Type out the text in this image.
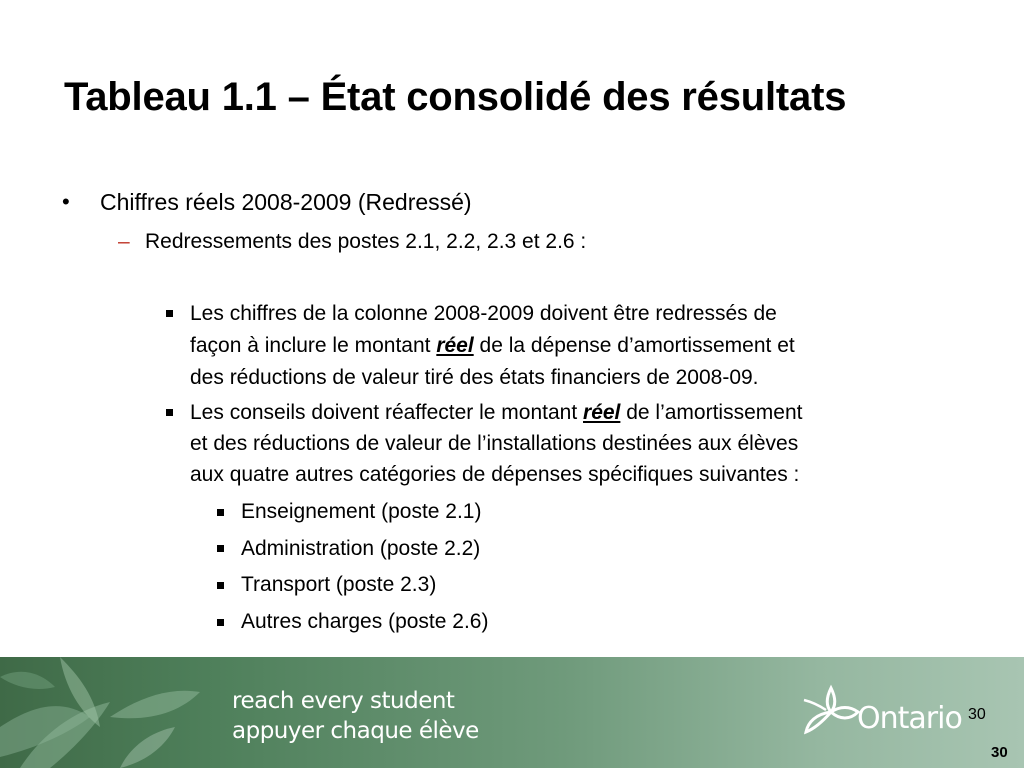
Tableau 1.1 – État consolidé des résultats
• Chiffres réels 2008-2009 (Redressé)
– Redressements des postes 2.1, 2.2, 2.3 et 2.6 :
Les chiffres de la colonne 2008-2009 doivent être redressés de
façon à inclure le montant réel de la dépense d’amortissement et
des réductions de valeur tiré des états financiers de 2008-09.
Les conseils doivent réaffecter le montant réel de l’amortissement
et des réductions de valeur de l’installations destinées aux élèves
aux quatre autres catégories de dépenses spécifiques suivantes :
Enseignement (poste 2.1)
Administration (poste 2.2)
Transport (poste 2.3)
Autres charges (poste 2.6)
reach every student
appuyer chaque élève	Ontario 30
30
